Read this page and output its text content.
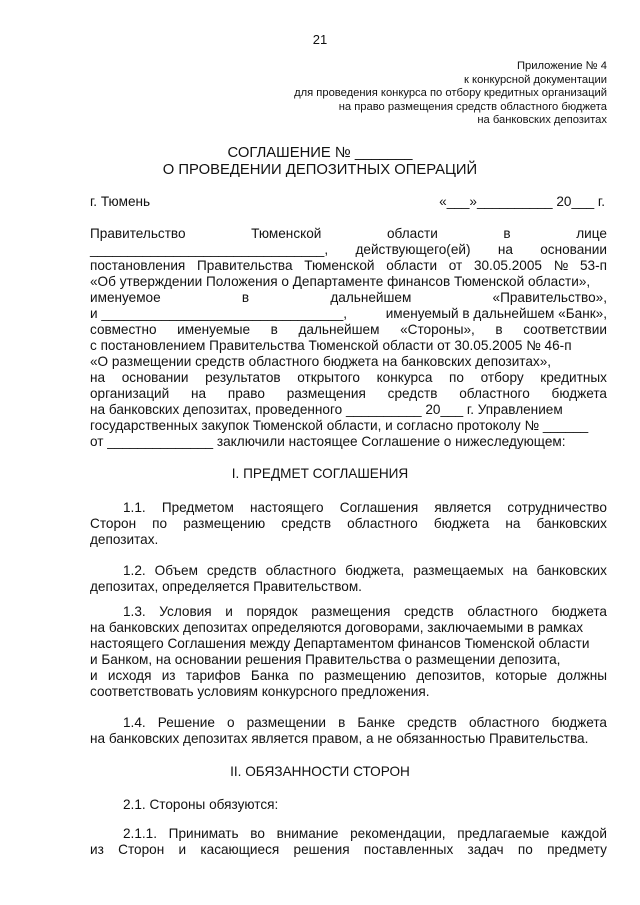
21
Приложение № 4
к конкурсной документации
для проведения конкурса по отбору кредитных организаций
на право размещения средств областного бюджета
на банковских депозитах
СОГЛАШЕНИЕ № _______
О ПРОВЕДЕНИИ ДЕПОЗИТНЫХ ОПЕРАЦИЙ
г. Тюмень	«___»__________ 20___ г.
Правительство	Тюменской	области	в	лице
_______________________________, действующего(ей) на основании
постановления Правительства Тюменской области от 30.05.2005 № 53-п
«Об утверждении Положения о Департаменте финансов Тюменской области»,
именуемое	в	дальнейшем	«Правительство»,
и ________________________________,	именуемый в дальнейшем «Банк»,
совместно именуемые в дальнейшем «Стороны», в соответствии
с постановлением Правительства Тюменской области от 30.05.2005 № 46-п
«О размещении средств областного бюджета на банковских депозитах»,
на основании результатов открытого конкурса по отбору кредитных
организаций на право размещения средств областного бюджета
на банковских депозитах, проведенного __________ 20___ г. Управлением
государственных закупок Тюменской области, и согласно протоколу № ______
от ______________ заключили настоящее Соглашение о нижеследующем:
I. ПРЕДМЕТ СОГЛАШЕНИЯ
1.1. Предметом настоящего Соглашения является сотрудничество
Сторон по размещению средств областного бюджета на банковских
депозитах.
1.2. Объем средств областного бюджета, размещаемых на банковских
депозитах, определяется Правительством.
1.3. Условия и порядок размещения средств областного бюджета
на банковских депозитах определяются договорами, заключаемыми в рамках
настоящего Соглашения между Департаментом финансов Тюменской области
и Банком, на основании решения Правительства о размещении депозита,
и исходя из тарифов Банка по размещению депозитов, которые должны
соответствовать условиям конкурсного предложения.
1.4. Решение о размещении в Банке средств областного бюджета
на банковских депозитах является правом, а не обязанностью Правительства.
II. ОБЯЗАННОСТИ СТОРОН
2.1. Стороны обязуются:
2.1.1. Принимать во внимание рекомендации, предлагаемые каждой
из Сторон и касающиеся решения поставленных задач по предмету
